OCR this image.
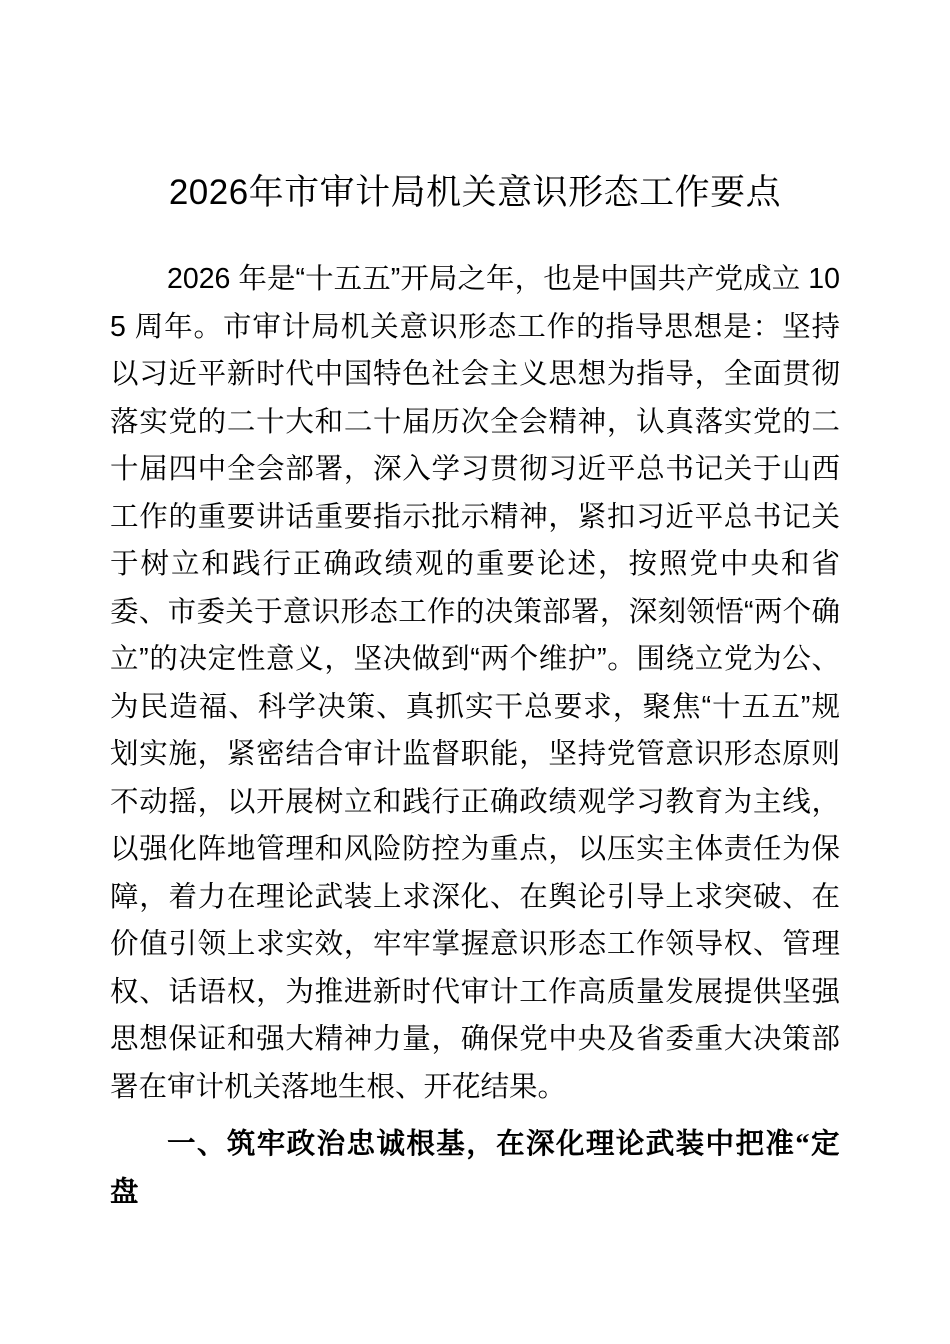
2026年市审计局机关意识形态工作要点

2026 年是“十五五”开局之年，也是中国共产党成立 105 周年。市审计局机关意识形态工作的指导思想是：坚持以习近平新时代中国特色社会主义思想为指导，全面贯彻落实党的二十大和二十届历次全会精神，认真落实党的二十届四中全会部署，深入学习贯彻习近平总书记关于山西工作的重要讲话重要指示批示精神，紧扣习近平总书记关于树立和践行正确政绩观的重要论述，按照党中央和省委、市委关于意识形态工作的决策部署，深刻领悟“两个确立”的决定性意义，坚决做到“两个维护”。围绕立党为公、为民造福、科学决策、真抓实干总要求，聚焦“十五五”规划实施，紧密结合审计监督职能，坚持党管意识形态原则不动摇，以开展树立和践行正确政绩观学习教育为主线，以强化阵地管理和风险防控为重点，以压实主体责任为保障，着力在理论武装上求深化、在舆论引导上求突破、在价值引领上求实效，牢牢掌握意识形态工作领导权、管理权、话语权，为推进新时代审计工作高质量发展提供坚强思想保证和强大精神力量，确保党中央及省委重大决策部署在审计机关落地生根、开花结果。

一、筑牢政治忠诚根基，在深化理论武装中把准“定盘
